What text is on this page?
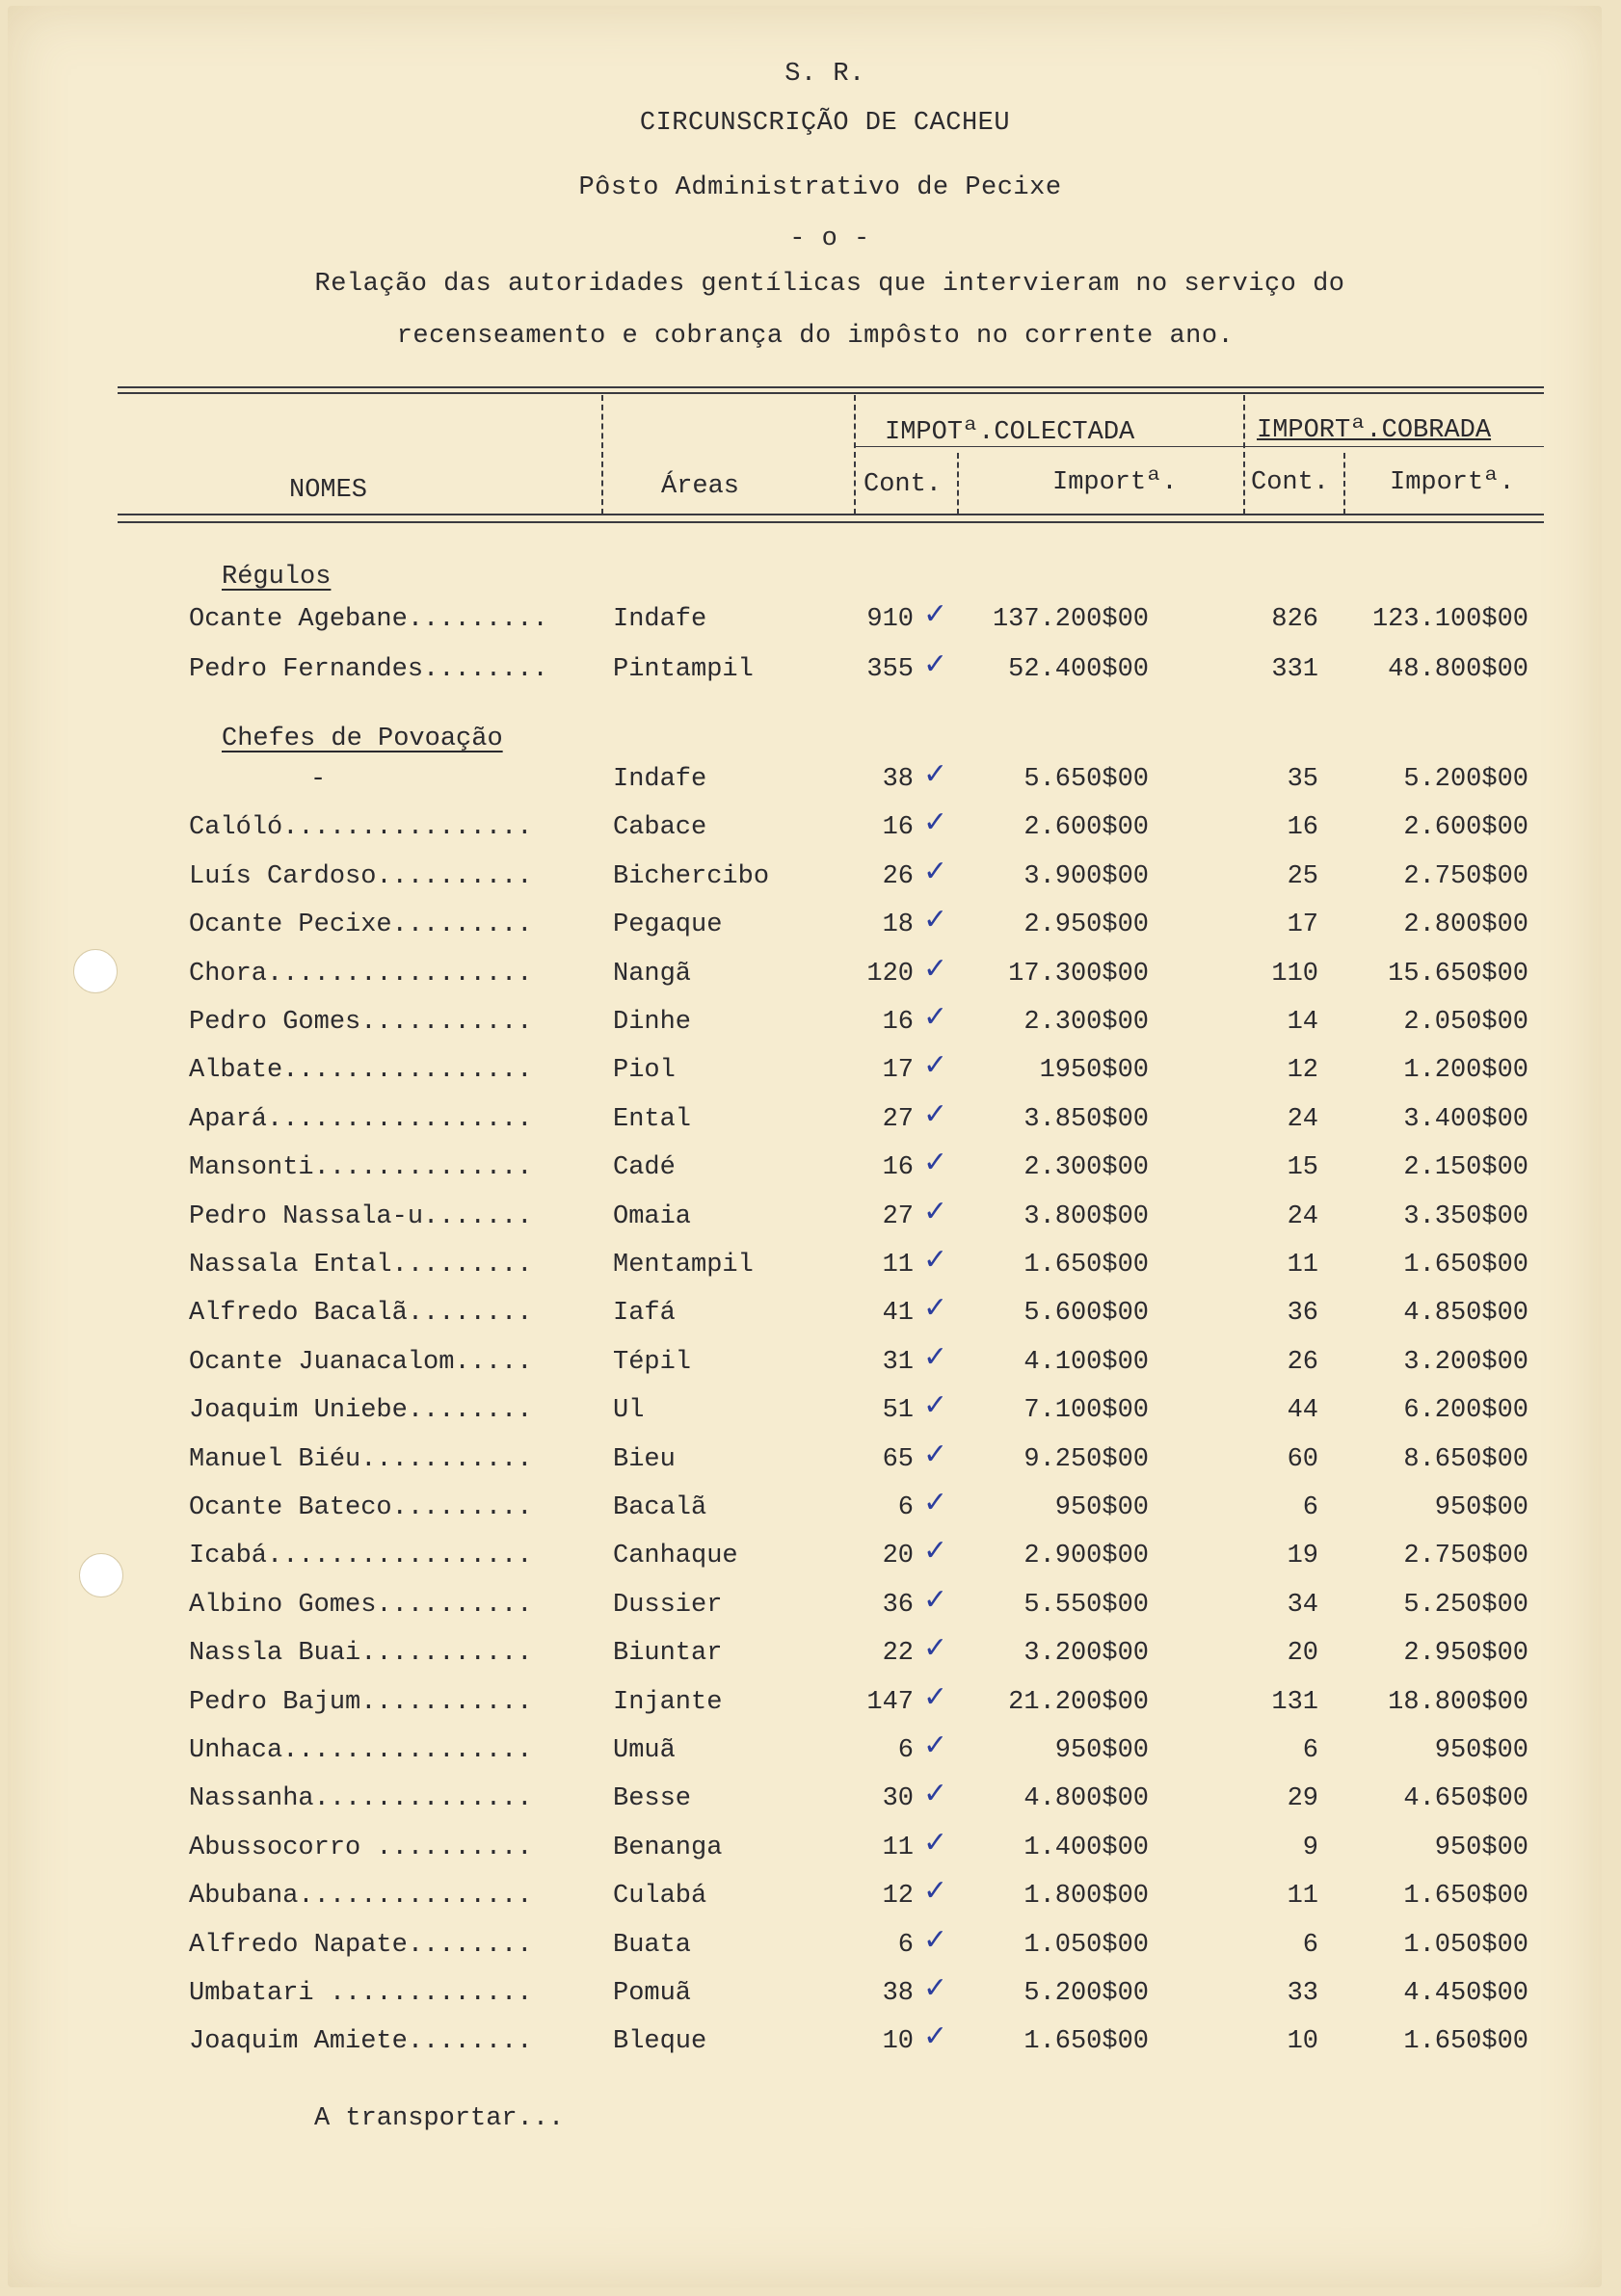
S. R.
CIRCUNSCRIÇÃO DE CACHEU
Pôsto Administrativo de Pecixe
- o -
Relação das autoridades gentílicas que intervieram no serviço do
recenseamento e cobrança do impôsto no corrente ano.
NOMES	Áreas
IMPOTª.COLECTADA	IMPORTª.COBRADA
Cont.	Importª.	Cont. Importª.
Régulos
Chefes de Povoação
Ocante Agebane......... Indafe	910	137.200$00	826 123.100$00
✓
Pedro Fernandes........ Pintampil	355	52.400$00	331	48.800$00
✓
-	Indafe	38	5.650$00	35	5.200$00
✓
Calóló................	Cabace	16	2.600$00	16	2.600$00
✓
Luís Cardoso..........	Bichercibo	26	3.900$00	25	2.750$00
✓
Ocante Pecixe.........	Pegaque	18	2.950$00	17	2.800$00
✓
Chora.................	Nangã	120	17.300$00	110	15.650$00
✓
Pedro Gomes...........	Dinhe	16	2.300$00	14	2.050$00
✓
Albate................	Piol	17	1950$00	12	1.200$00
✓
Apará.................	Ental	27	3.850$00	24	3.400$00
✓
Mansonti..............	Cadé	16	2.300$00	15	2.150$00
✓
Pedro Nassala-u.......	Omaia	27	3.800$00	24	3.350$00
✓
Nassala Ental.........	Mentampil	11	1.650$00	11	1.650$00
✓
Alfredo Bacalã........	Iafá	41	5.600$00	36	4.850$00
✓
Ocante Juanacalom.....	Tépil	31	4.100$00	26	3.200$00
✓
Joaquim Uniebe........	Ul	51	7.100$00	44	6.200$00
✓
Manuel Biéu...........	Bieu	65	9.250$00	60	8.650$00
✓
Ocante Bateco.........	Bacalã	6	950$00	6	950$00
✓
Icabá.................	Canhaque	20	2.900$00	19	2.750$00
✓
Albino Gomes..........	Dussier	36	5.550$00	34	5.250$00
✓
Nassla Buai...........	Biuntar	22	3.200$00	20	2.950$00
✓
Pedro Bajum...........	Injante	147	21.200$00	131	18.800$00
✓
Unhaca................	Umuã	6	950$00	6	950$00
✓
Nassanha..............	Besse	30	4.800$00	29	4.650$00
✓
Abussocorro ..........	Benanga	11	1.400$00	9	950$00
✓
Abubana...............	Culabá	12	1.800$00	11	1.650$00
✓
Alfredo Napate........	Buata	6	1.050$00	6	1.050$00
✓
Umbatari .............	Pomuã	38	5.200$00	33	4.450$00
✓
Joaquim Amiete........	Bleque	10	1.650$00	10	1.650$00
✓
A transportar...
